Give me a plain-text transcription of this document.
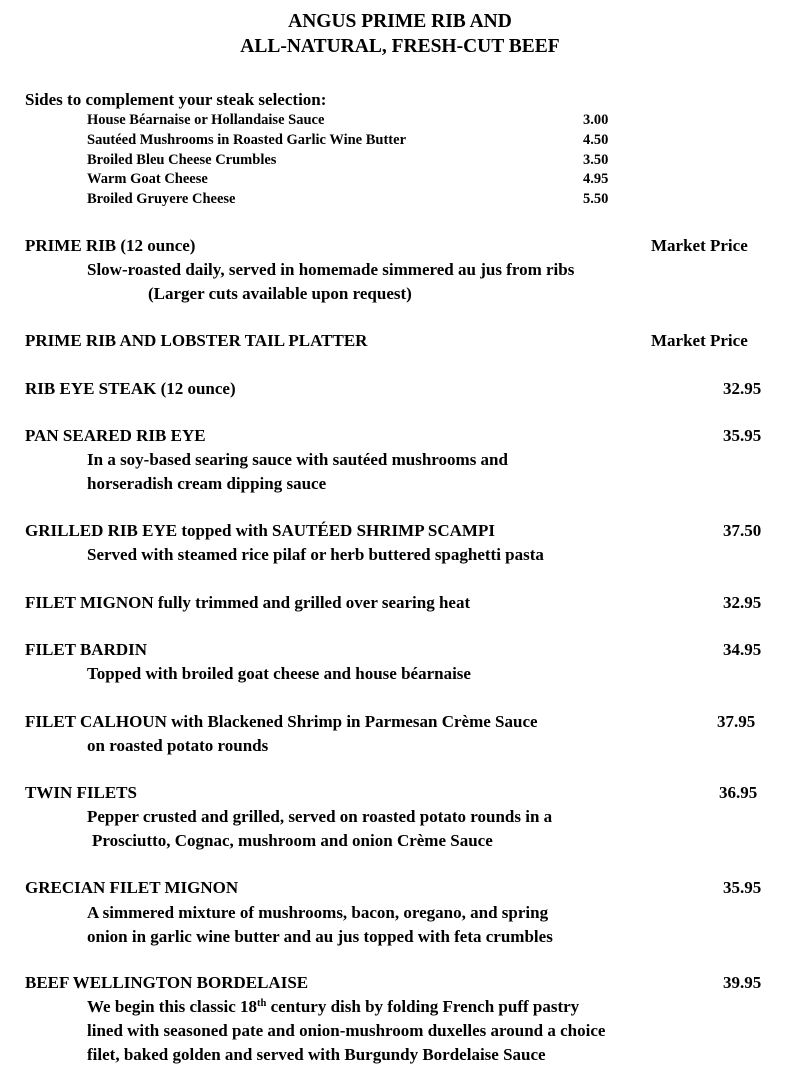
ANGUS PRIME RIB AND
ALL-NATURAL, FRESH-CUT BEEF
Sides to complement your steak selection:
House Béarnaise or Hollandaise Sauce	3.00
Sautéed Mushrooms in Roasted Garlic Wine Butter	4.50
Broiled Bleu Cheese Crumbles	3.50
Warm Goat Cheese	4.95
Broiled Gruyere Cheese	5.50
PRIME RIB (12 ounce)	Market Price
Slow-roasted daily, served in homemade simmered au jus from ribs
(Larger cuts available upon request)
PRIME RIB AND LOBSTER TAIL PLATTER	Market Price
RIB EYE STEAK (12 ounce)	32.95
PAN SEARED RIB EYE	35.95
In a soy-based searing sauce with sautéed mushrooms and
horseradish cream dipping sauce
GRILLED RIB EYE topped with SAUTÉED SHRIMP SCAMPI	37.50
Served with steamed rice pilaf or herb buttered spaghetti pasta
FILET MIGNON fully trimmed and grilled over searing heat	32.95
FILET BARDIN	34.95
Topped with broiled goat cheese and house béarnaise
FILET CALHOUN with Blackened Shrimp in Parmesan Crème Sauce	37.95
on roasted potato rounds
TWIN FILETS	36.95
Pepper crusted and grilled, served on roasted potato rounds in a
Prosciutto, Cognac, mushroom and onion Crème Sauce
GRECIAN FILET MIGNON	35.95
A simmered mixture of mushrooms, bacon, oregano, and spring
onion in garlic wine butter and au jus topped with feta crumbles
BEEF WELLINGTON BORDELAISE	39.95
We begin this classic 18th century dish by folding French puff pastry
lined with seasoned pate and onion-mushroom duxelles around a choice
filet, baked golden and served with Burgundy Bordelaise Sauce
